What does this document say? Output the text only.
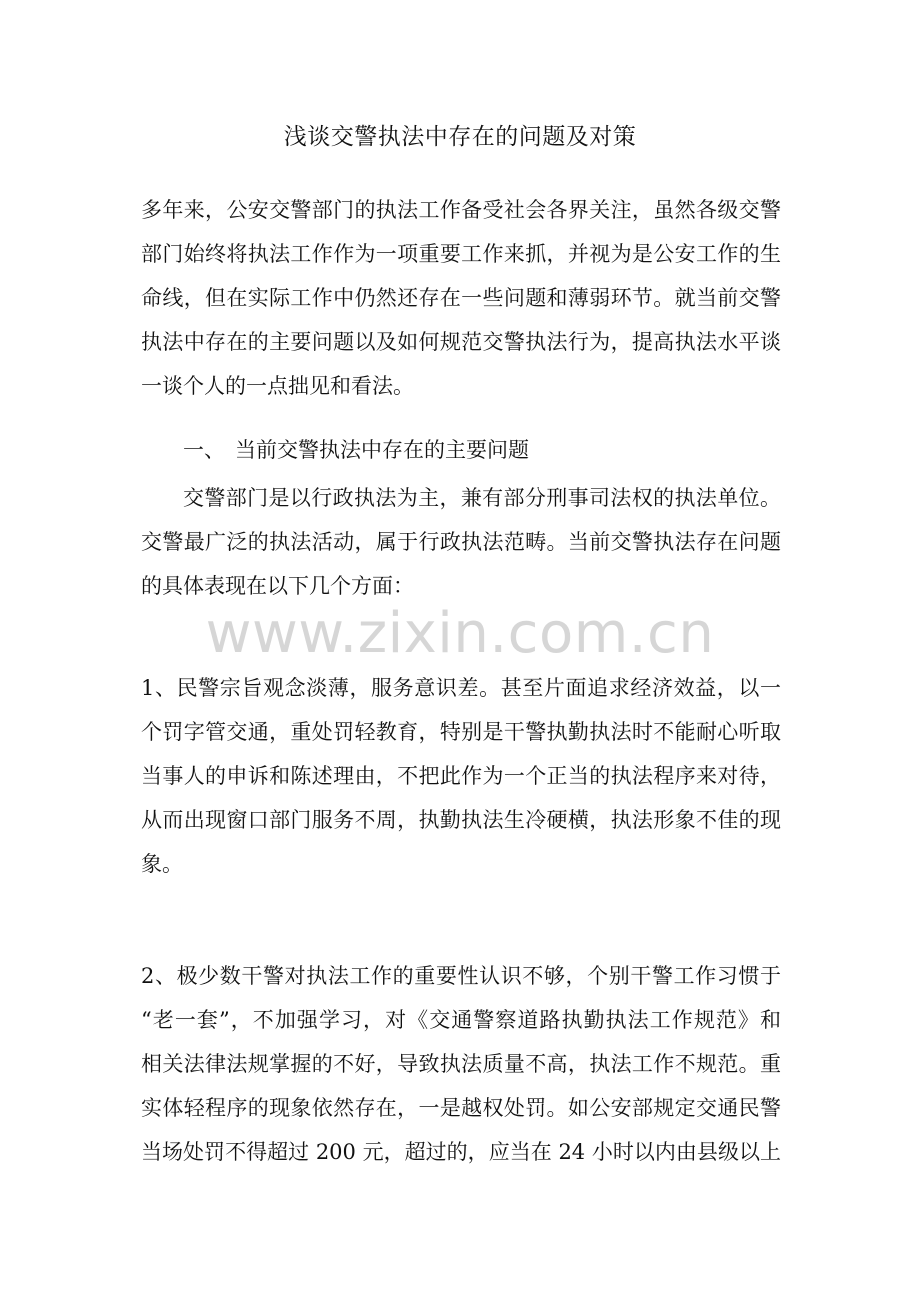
浅谈交警执法中存在的问题及对策
多年来，公安交警部门的执法工作备受社会各界关注，虽然各级交警
部门始终将执法工作作为一项重要工作来抓，并视为是公安工作的生
命线，但在实际工作中仍然还存在一些问题和薄弱环节。就当前交警
执法中存在的主要问题以及如何规范交警执法行为，提高执法水平谈
一谈个人的一点拙见和看法。
一、 当前交警执法中存在的主要问题
交警部门是以行政执法为主，兼有部分刑事司法权的执法单位。
交警最广泛的执法活动，属于行政执法范畴。当前交警执法存在问题
的具体表现在以下几个方面：
www.zixin.com.cn
1、民警宗旨观念淡薄，服务意识差。甚至片面追求经济效益，以一
个罚字管交通，重处罚轻教育，特别是干警执勤执法时不能耐心听取
当事人的申诉和陈述理由，不把此作为一个正当的执法程序来对待，
从而出现窗口部门服务不周，执勤执法生冷硬横，执法形象不佳的现
象。
2、极少数干警对执法工作的重要性认识不够，个别干警工作习惯于
“老一套”，不加强学习，对《交通警察道路执勤执法工作规范》和
相关法律法规掌握的不好，导致执法质量不高，执法工作不规范。重
实体轻程序的现象依然存在，一是越权处罚。如公安部规定交通民警
当场处罚不得超过 200 元，超过的，应当在 24 小时以内由县级以上
